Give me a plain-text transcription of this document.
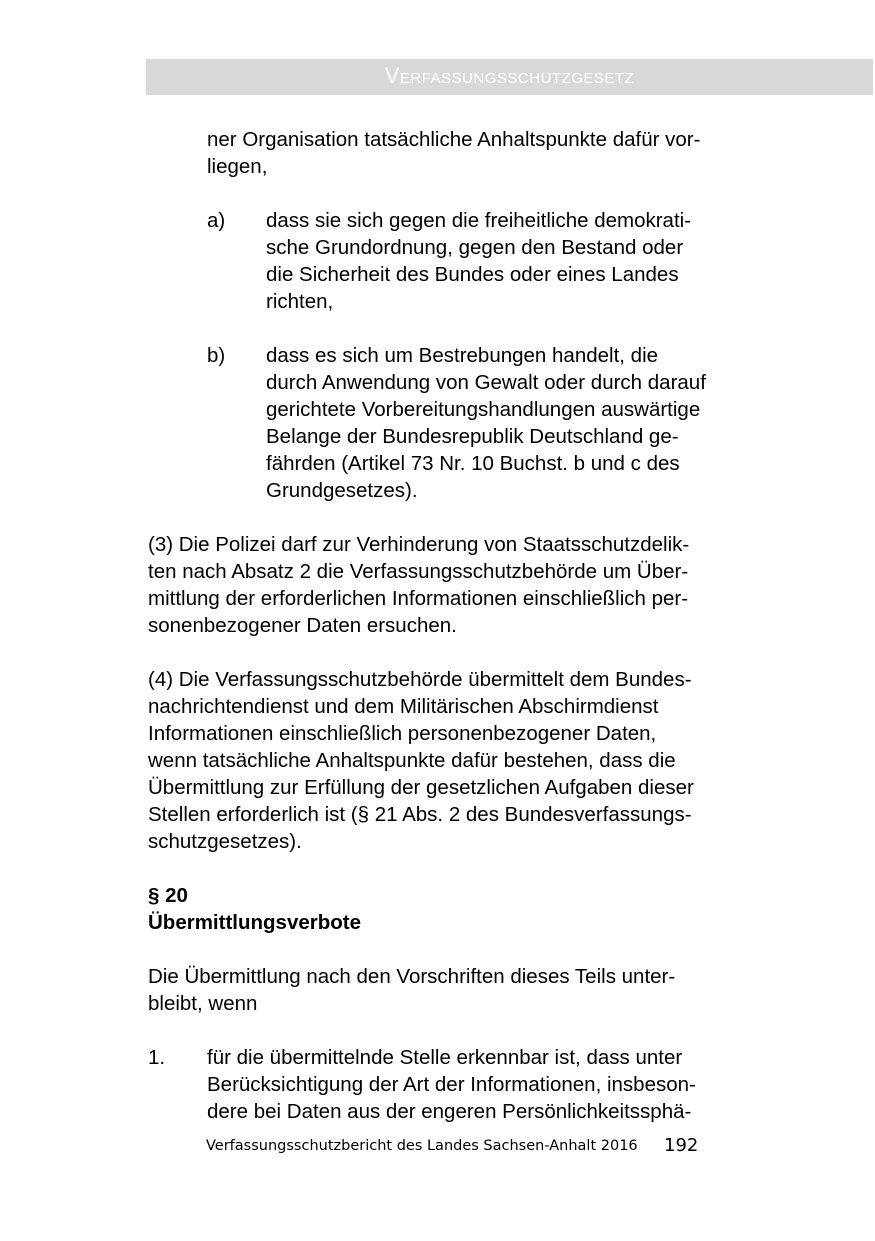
Verfassungsschutzgesetz
ner Organisation tatsächliche Anhaltspunkte dafür vor-
liegen,
a)	dass sie sich gegen die freiheitliche demokrati-
sche Grundordnung, gegen den Bestand oder
die Sicherheit des Bundes oder eines Landes
richten,
b)	dass es sich um Bestrebungen handelt, die
durch Anwendung von Gewalt oder durch darauf
gerichtete Vorbereitungshandlungen auswärtige
Belange der Bundesrepublik Deutschland ge-
fährden (Artikel 73 Nr. 10 Buchst. b und c des
Grundgesetzes).
(3) Die Polizei darf zur Verhinderung von Staatsschutzdelik-
ten nach Absatz 2 die Verfassungsschutzbehörde um Über-
mittlung der erforderlichen Informationen einschließlich per-
sonenbezogener Daten ersuchen.
(4) Die Verfassungsschutzbehörde übermittelt dem Bundes-
nachrichtendienst und dem Militärischen Abschirmdienst
Informationen einschließlich personenbezogener Daten,
wenn tatsächliche Anhaltspunkte dafür bestehen, dass die
Übermittlung zur Erfüllung der gesetzlichen Aufgaben dieser
Stellen erforderlich ist (§ 21 Abs. 2 des Bundesverfassungs-
schutzgesetzes).
§ 20
Übermittlungsverbote
Die Übermittlung nach den Vorschriften dieses Teils unter-
bleibt, wenn
1.	für die übermittelnde Stelle erkennbar ist, dass unter
Berücksichtigung der Art der Informationen, insbeson-
dere bei Daten aus der engeren Persönlichkeitssphä-
Verfassungsschutzbericht des Landes Sachsen-Anhalt 2016 192
